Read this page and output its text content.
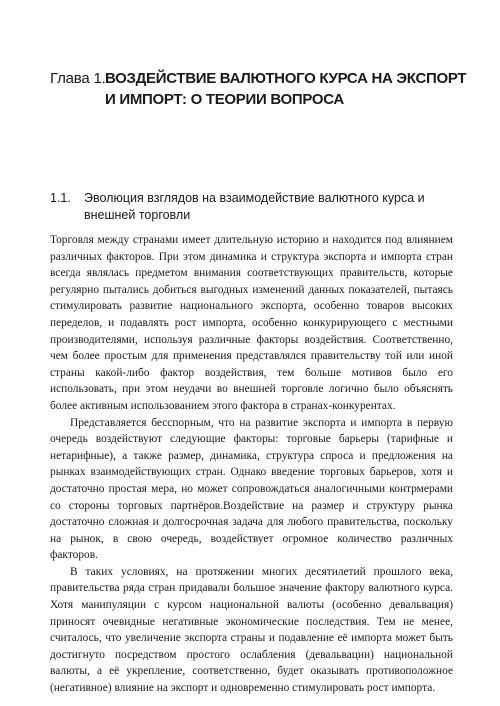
Глава 1. ВОЗДЕЙСТВИЕ ВАЛЮТНОГО КУРСА НА ЭКСПОРТ И ИМПОРТ: О ТЕОРИИ ВОПРОСА
1.1. Эволюция взглядов на взаимодействие валютного курса и внешней торговли

Торговля между странами имеет длительную историю и находится под влиянием различных факторов. При этом динамика и структура экспорта и импорта стран всегда являлась предметом внимания соответствующих правительств, которые регулярно пытались добиться выгодных изменений данных показателей, пытаясь стимулировать развитие национального экспорта, особенно товаров высоких переделов, и подавлять рост импорта, особенно конкурирующего с местными производителями, используя различные факторы воздействия. Соответственно, чем более простым для применения представлялся правительству той или иной страны какой-либо фактор воздействия, тем больше мотивов было его использовать, при этом неудачи во внешней торговле логично было объяснять более активным использованием этого фактора в странах-конкурентах.

Представляется бесспорным, что на развитие экспорта и импорта в первую очередь воздействуют следующие факторы: торговые барьеры (тарифные и нетарифные), а также размер, динамика, структура спроса и предложения на рынках взаимодействующих стран. Однако введение торговых барьеров, хотя и достаточно простая мера, но может сопровождаться аналогичными контрмерами со стороны торговых партнёров.Воздействие на размер и структуру рынка достаточно сложная и долгосрочная задача для любого правительства, поскольку на рынок, в свою очередь, воздействует огромное количество различных факторов.

В таких условиях, на протяжении многих десятилетий прошлого века, правительства ряда стран придавали большое значение фактору валютного курса. Хотя манипуляции с курсом национальной валюты (особенно девальвация) приносят очевидные негативные экономические последствия. Тем не менее, считалось, что увеличение экспорта страны и подавление её импорта может быть достигнуто посредством простого ослабления (девальвации) национальной валюты, а её укрепление, соответственно, будет оказывать противоположное (негативное) влияние на экспорт и одновременно стимулировать рост импорта.
